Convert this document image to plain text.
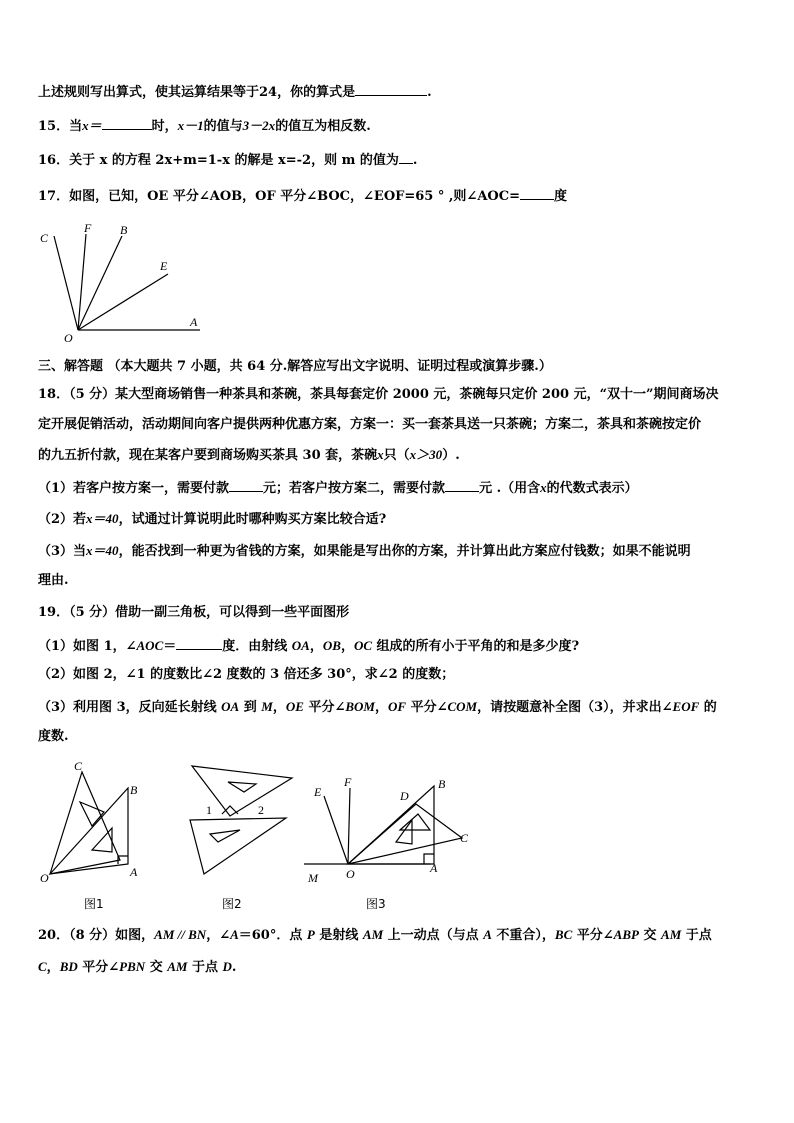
上述规则写出算式，使其运算结果等于24，你的算式是	.
15．当x＝	时，x－1的值与3－2x的值互为相反数.
16．关于 x 的方程 2x+m=1-x 的解是 x=-2，则 m 的值为 .
17．如图，已知，OE 平分∠AOB，OF 平分∠BOC，∠EOF=65 ° ,则∠AOC=	度
C
F B
E
A
O
三、解答题 （本大题共 7 小题，共 64 分.解答应写出文字说明、证明过程或演算步骤.）
18．（5 分）某大型商场销售一种茶具和茶碗，茶具每套定价 2000 元，茶碗每只定价 200 元，“双十一”期间商场决
定开展促销活动，活动期间向客户提供两种优惠方案，方案一：买一套茶具送一只茶碗；方案二，茶具和茶碗按定价
的九五折付款，现在某客户要到商场购买茶具 30 套，茶碗x只（x＞30）.
（1）若客户按方案一，需要付款	元；若客户按方案二，需要付款	元 .（用含x的代数式表示）
（2）若x＝40，试通过计算说明此时哪种购买方案比较合适?
（3）当x＝40，能否找到一种更为省钱的方案，如果能是写出你的方案，并计算出此方案应付钱数；如果不能说明
理由.
19．（5 分）借助一副三角板，可以得到一些平面图形
（1）如图 1，∠AOC＝	度．由射线 OA，OB，OC 组成的所有小于平角的和是多少度?
（2）如图 2，∠1 的度数比∠2 度数的 3 倍还多 30°，求∠2 的度数；
（3）利用图 3，反向延长射线 OA 到 M，OE 平分∠BOM，OF 平分∠COM，请按题意补全图（3），并求出∠EOF 的
度数.
C
B
O	A
图1
1	2
图2
E
F
D
B
C
M O	A
图3
20．（8 分）如图，AM // BN，∠A＝60°．点 P 是射线 AM 上一动点（与点 A 不重合），BC 平分∠ABP 交 AM 于点
C，BD 平分∠PBN 交 AM 于点 D.
